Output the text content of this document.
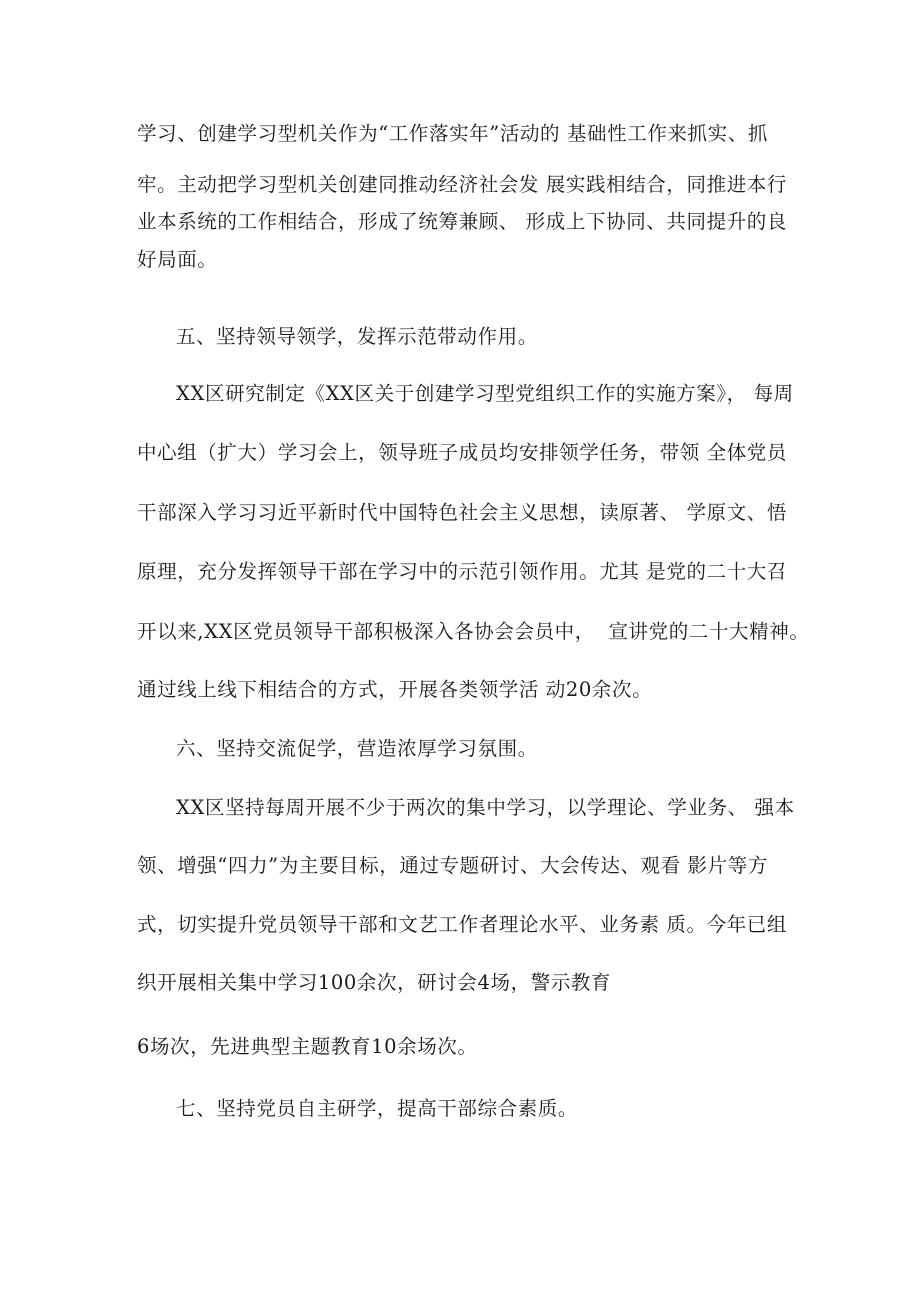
学习、创建学习型机关作为“工作落实年”活动的 基础性工作来抓实、抓
牢。主动把学习型机关创建同推动经济社会发 展实践相结合，同推进本行
业本系统的工作相结合，形成了统筹兼顾、 形成上下协同、共同提升的良
好局面。
五、坚持领导领学，发挥示范带动作用。
XX区研究制定《XX区关于创建学习型党组织工作的实施方案》， 每周
中心组（扩大）学习会上，领导班子成员均安排领学任务，带领 全体党员
干部深入学习习近平新时代中国特色社会主义思想，读原著、 学原文、悟
原理，充分发挥领导干部在学习中的示范引领作用。尤其 是党的二十大召
开以来,XX区党员领导干部积极深入各协会会员中，  宣讲党的二十大精神。
通过线上线下相结合的方式，开展各类领学活 动20余次。
六、坚持交流促学，营造浓厚学习氛围。
XX区坚持每周开展不少于两次的集中学习，以学理论、学业务、 强本
领、增强“四力”为主要目标，通过专题研讨、大会传达、观看 影片等方
式，切实提升党员领导干部和文艺工作者理论水平、业务素 质。今年已组
织开展相关集中学习100余次，研讨会4场，警示教育
6场次，先进典型主题教育10余场次。
七、坚持党员自主研学，提高干部综合素质。
